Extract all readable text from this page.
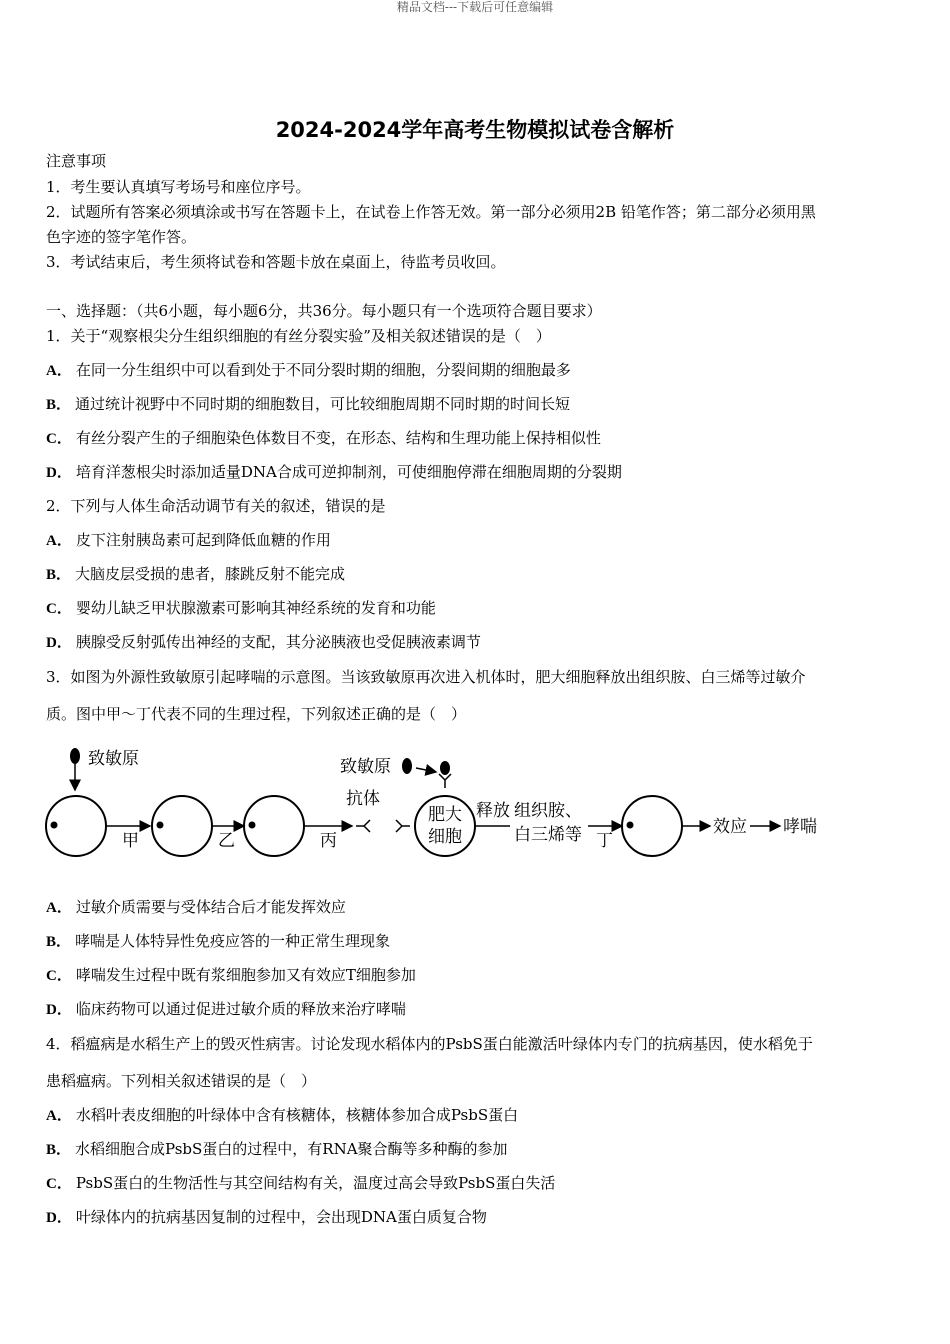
精品文档---下载后可任意编辑
2024-2024学年高考生物模拟试卷含解析
注意事项
1．考生要认真填写考场号和座位序号。
2．试题所有答案必须填涂或书写在答题卡上，在试卷上作答无效。第一部分必须用2B 铅笔作答；第二部分必须用黑
色字迹的签字笔作答。
3．考试结束后，考生须将试卷和答题卡放在桌面上，待监考员收回。
一、选择题：（共6小题，每小题6分，共36分。每小题只有一个选项符合题目要求）
1．关于“观察根尖分生组织细胞的有丝分裂实验”及相关叙述错误的是（　）
A． 在同一分生组织中可以看到处于不同分裂时期的细胞，分裂间期的细胞最多
B． 通过统计视野中不同时期的细胞数目，可比较细胞周期不同时期的时间长短
C． 有丝分裂产生的子细胞染色体数目不变，在形态、结构和生理功能上保持相似性
D． 培育洋葱根尖时添加适量DNA合成可逆抑制剂，可使细胞停滞在细胞周期的分裂期
2．下列与人体生命活动调节有关的叙述，错误的是
A． 皮下注射胰岛素可起到降低血糖的作用
B． 大脑皮层受损的患者，膝跳反射不能完成
C． 婴幼儿缺乏甲状腺激素可影响其神经系统的发育和功能
D． 胰腺受反射弧传出神经的支配，其分泌胰液也受促胰液素调节
3．如图为外源性致敏原引起哮喘的示意图。当该致敏原再次进入机体时，肥大细胞释放出组织胺、白三烯等过敏介
质。图中甲～丁代表不同的生理过程，下列叙述正确的是（　）
致敏原
甲	乙	丙
抗体
致敏原
肥大
细胞
释放 组织胺、
白三烯等 丁
效应 哮喘
A． 过敏介质需要与受体结合后才能发挥效应
B． 哮喘是人体特异性免疫应答的一种正常生理现象
C． 哮喘发生过程中既有浆细胞参加又有效应T细胞参加
D． 临床药物可以通过促进过敏介质的释放来治疗哮喘
4．稻瘟病是水稻生产上的毁灭性病害。讨论发现水稻体内的PsbS蛋白能激活叶绿体内专门的抗病基因，使水稻免于
患稻瘟病。下列相关叙述错误的是（　）
A． 水稻叶表皮细胞的叶绿体中含有核糖体，核糖体参加合成PsbS蛋白
B． 水稻细胞合成PsbS蛋白的过程中，有RNA聚合酶等多种酶的参加
C． PsbS蛋白的生物活性与其空间结构有关，温度过高会导致PsbS蛋白失活
D． 叶绿体内的抗病基因复制的过程中，会出现DNA蛋白质复合物
